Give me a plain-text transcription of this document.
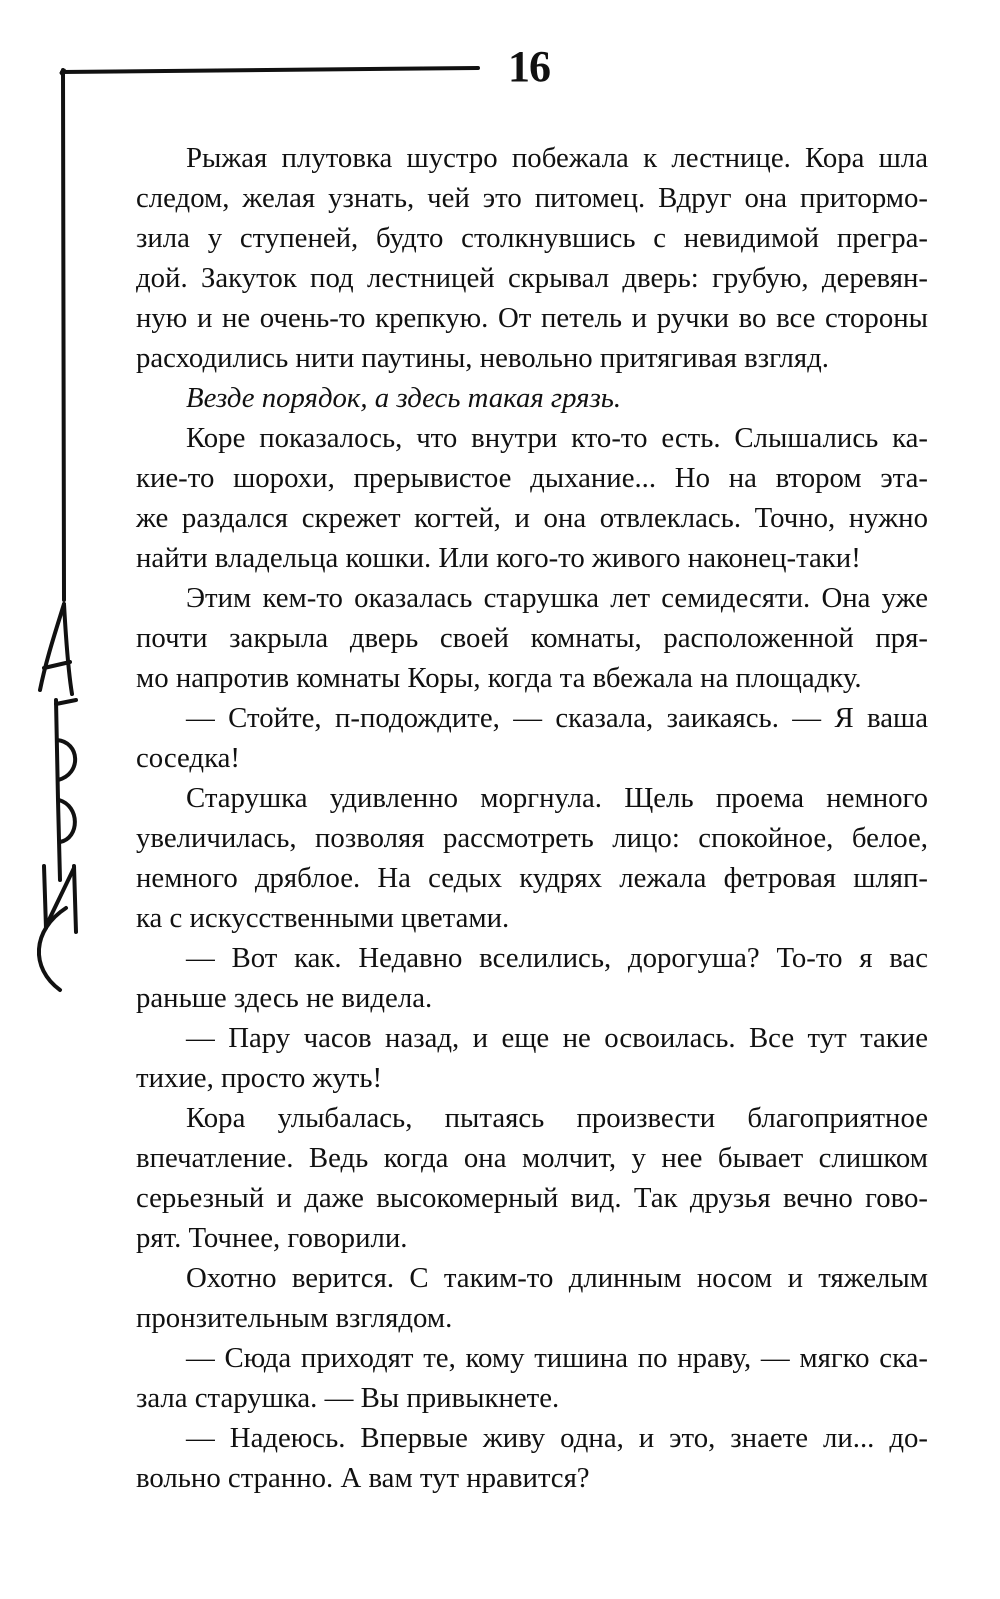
16
Рыжая плутовка шустро побежала к лестнице. Кора шла
следом, желая узнать, чей это питомец. Вдруг она притормо-
зила у ступеней, будто столкнувшись с невидимой прегра-
дой. Закуток под лестницей скрывал дверь: грубую, деревян-
ную и не очень-то крепкую. От петель и ручки во все стороны
расходились нити паутины, невольно притягивая взгляд.
Везде порядок, а здесь такая грязь.
Коре показалось, что внутри кто-то есть. Слышались ка-
кие-то шорохи, прерывистое дыхание... Но на втором эта-
же раздался скрежет когтей, и она отвлеклась. Точно, нужно
найти владельца кошки. Или кого-то живого наконец-таки!
Этим кем-то оказалась старушка лет семидесяти. Она уже
почти закрыла дверь своей комнаты, расположенной пря-
мо напротив комнаты Коры, когда та вбежала на площадку.
— Стойте, п-подождите, — сказала, заикаясь. — Я ваша
соседка!
Старушка удивленно моргнула. Щель проема немного
увеличилась, позволяя рассмотреть лицо: спокойное, белое,
немного дряблое. На седых кудрях лежала фетровая шляп-
ка с искусственными цветами.
— Вот как. Недавно вселились, дорогуша? То-то я вас
раньше здесь не видела.
— Пару часов назад, и еще не освоилась. Все тут такие
тихие, просто жуть!
Кора улыбалась, пытаясь произвести благоприятное
впечатление. Ведь когда она молчит, у нее бывает слишком
серьезный и даже высокомерный вид. Так друзья вечно гово-
рят. Точнее, говорили.
Охотно верится. С таким-то длинным носом и тяжелым
пронзительным взглядом.
— Сюда приходят те, кому тишина по нраву, — мягко ска-
зала старушка. — Вы привыкнете.
— Надеюсь. Впервые живу одна, и это, знаете ли... до-
вольно странно. А вам тут нравится?
